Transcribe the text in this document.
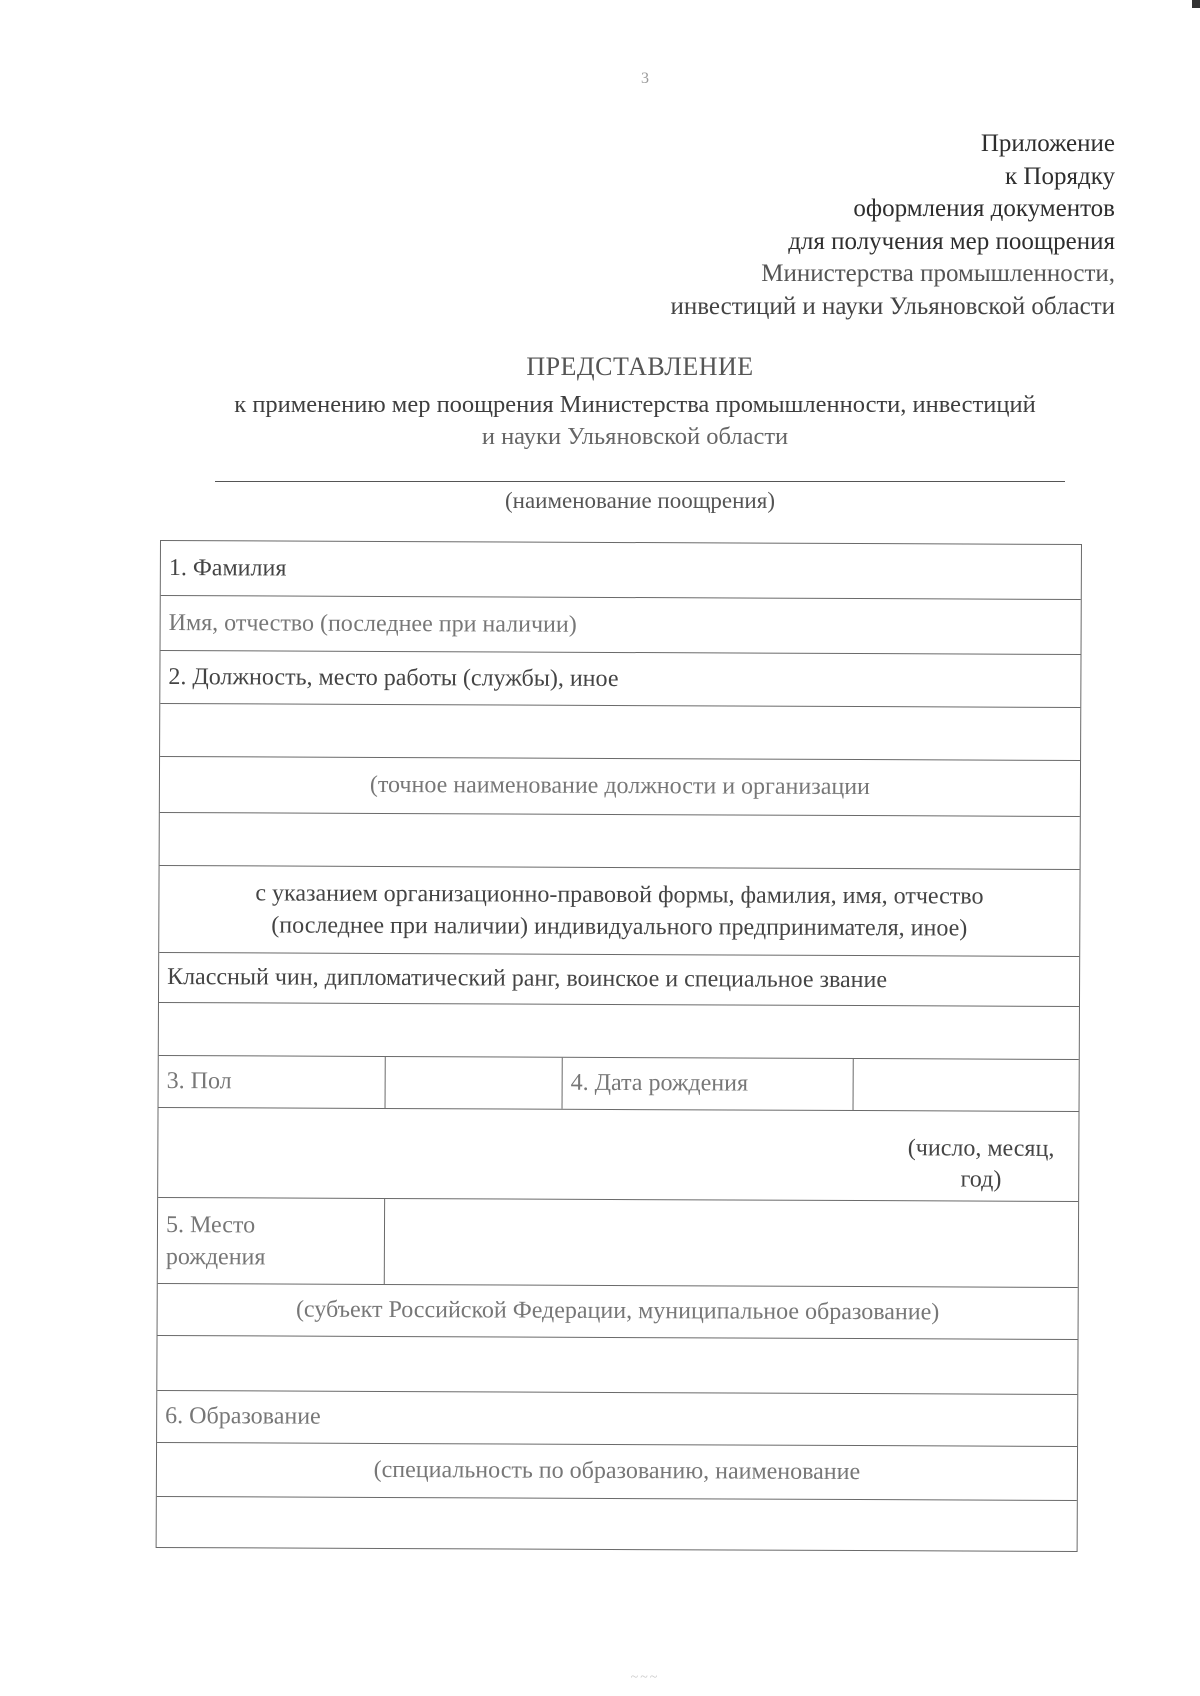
3
Приложение
к Порядку
оформления документов
для получения мер поощрения
Министерства промышленности,
инвестиций и науки Ульяновской области
ПРЕДСТАВЛЕНИЕ
к применению мер поощрения Министерства промышленности, инвестиций
и науки Ульяновской области
(наименование поощрения)
1. Фамилия
Имя, отчество (последнее при наличии)
2. Должность, место работы (службы), иное
(точное наименование должности и организации
с указанием организационно-правовой формы, фамилия, имя, отчество
(последнее при наличии) индивидуального предпринимателя, иное)
Классный чин, дипломатический ранг, воинское и специальное звание
3. Пол	4. Дата рождения
(число, месяц,
год)
5. Место
рождения
(субъект Российской Федерации, муниципальное образование)
6. Образование
(специальность по образованию, наименование
~~~
